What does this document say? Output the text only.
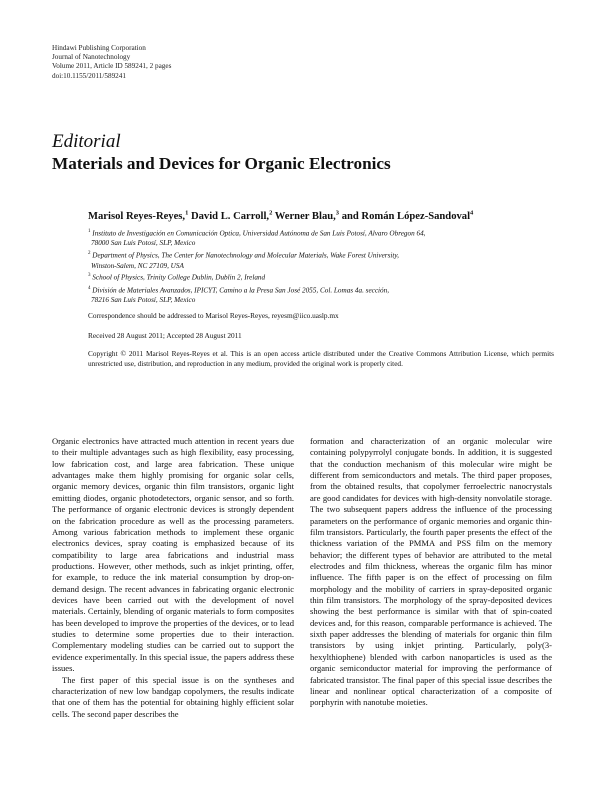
Hindawi Publishing Corporation
Journal of Nanotechnology
Volume 2011, Article ID 589241, 2 pages
doi:10.1155/2011/589241
Editorial
Materials and Devices for Organic Electronics
Marisol Reyes-Reyes,$^1$ David L. Carroll,$^2$ Werner Blau,$^3$ and Román López-Sandoval$^4$
$^1$ Instituto de Investigación en Comunicación Optica, Universidad Autónoma de San Luis Potosí, Alvaro Obregon 64,
78000 San Luis Potosí, SLP, Mexico
$^2$ Department of Physics, The Center for Nanotechnology and Molecular Materials, Wake Forest University,
Winston-Salem, NC 27109, USA
$^3$ School of Physics, Trinity College Dublin, Dublin 2, Ireland
$^4$ División de Materiales Avanzados, IPICYT, Camino a la Presa San José 2055, Col. Lomas 4a. sección,
78216 San Luis Potosí, SLP, Mexico
Correspondence should be addressed to Marisol Reyes-Reyes, reyesm@iico.uaslp.mx
Received 28 August 2011; Accepted 28 August 2011
Copyright © 2011 Marisol Reyes-Reyes et al. This is an open access article distributed under the Creative Commons Attribution License, which permits unrestricted use, distribution, and reproduction in any medium, provided the original work is properly cited.

Organic electronics have attracted much attention in recent years due to their multiple advantages such as high flexibility, easy processing, low fabrication cost, and large area fabrication. These unique advantages make them highly promising for organic solar cells, organic memory devices, organic thin film transistors, organic light emitting diodes, organic photodetectors, organic sensor, and so forth. The performance of organic electronic devices is strongly dependent on the fabrication procedure as well as the processing parameters. Among various fabrication methods to implement these organic electronics devices, spray coating is emphasized because of its compatibility to large area fabrications and industrial mass productions. However, other methods, such as inkjet printing, offer, for example, to reduce the ink material consumption by drop-on-demand design. The recent advances in fabricating organic electronic devices have been carried out with the development of novel materials. Certainly, blending of organic materials to form composites has been developed to improve the properties of the devices, or to lead studies to determine some properties due to their interaction. Complementary modeling studies can be carried out to support the evidence experimentally. In this special issue, the papers address these issues.

The first paper of this special issue is on the syntheses and characterization of new low bandgap copolymers, the results indicate that one of them has the potential for obtaining highly efficient solar cells. The second paper describes the

formation and characterization of an organic molecular wire containing polypyrrolyl conjugate bonds. In addition, it is suggested that the conduction mechanism of this molecular wire might be different from semiconductors and metals. The third paper proposes, from the obtained results, that copolymer ferroelectric nanocrystals are good candidates for devices with high-density nonvolatile storage. The two subsequent papers address the influence of the processing parameters on the performance of organic memories and organic thin-film transistors. Particularly, the fourth paper presents the effect of the thickness variation of the PMMA and PSS film on the memory behavior; the different types of behavior are attributed to the metal electrodes and film thickness, whereas the organic film has minor influence. The fifth paper is on the effect of processing on film morphology and the mobility of carriers in spray-deposited organic thin film transistors. The morphology of the spray-deposited devices showing the best performance is similar with that of spin-coated devices and, for this reason, comparable performance is achieved. The sixth paper addresses the blending of materials for organic thin film transistors by using inkjet printing. Particularly, poly(3-hexylthiophene) blended with carbon nanoparticles is used as the organic semiconductor material for improving the performance of fabricated transistor. The final paper of this special issue describes the linear and nonlinear optical characterization of a composite of porphyrin with nanotube moieties.
